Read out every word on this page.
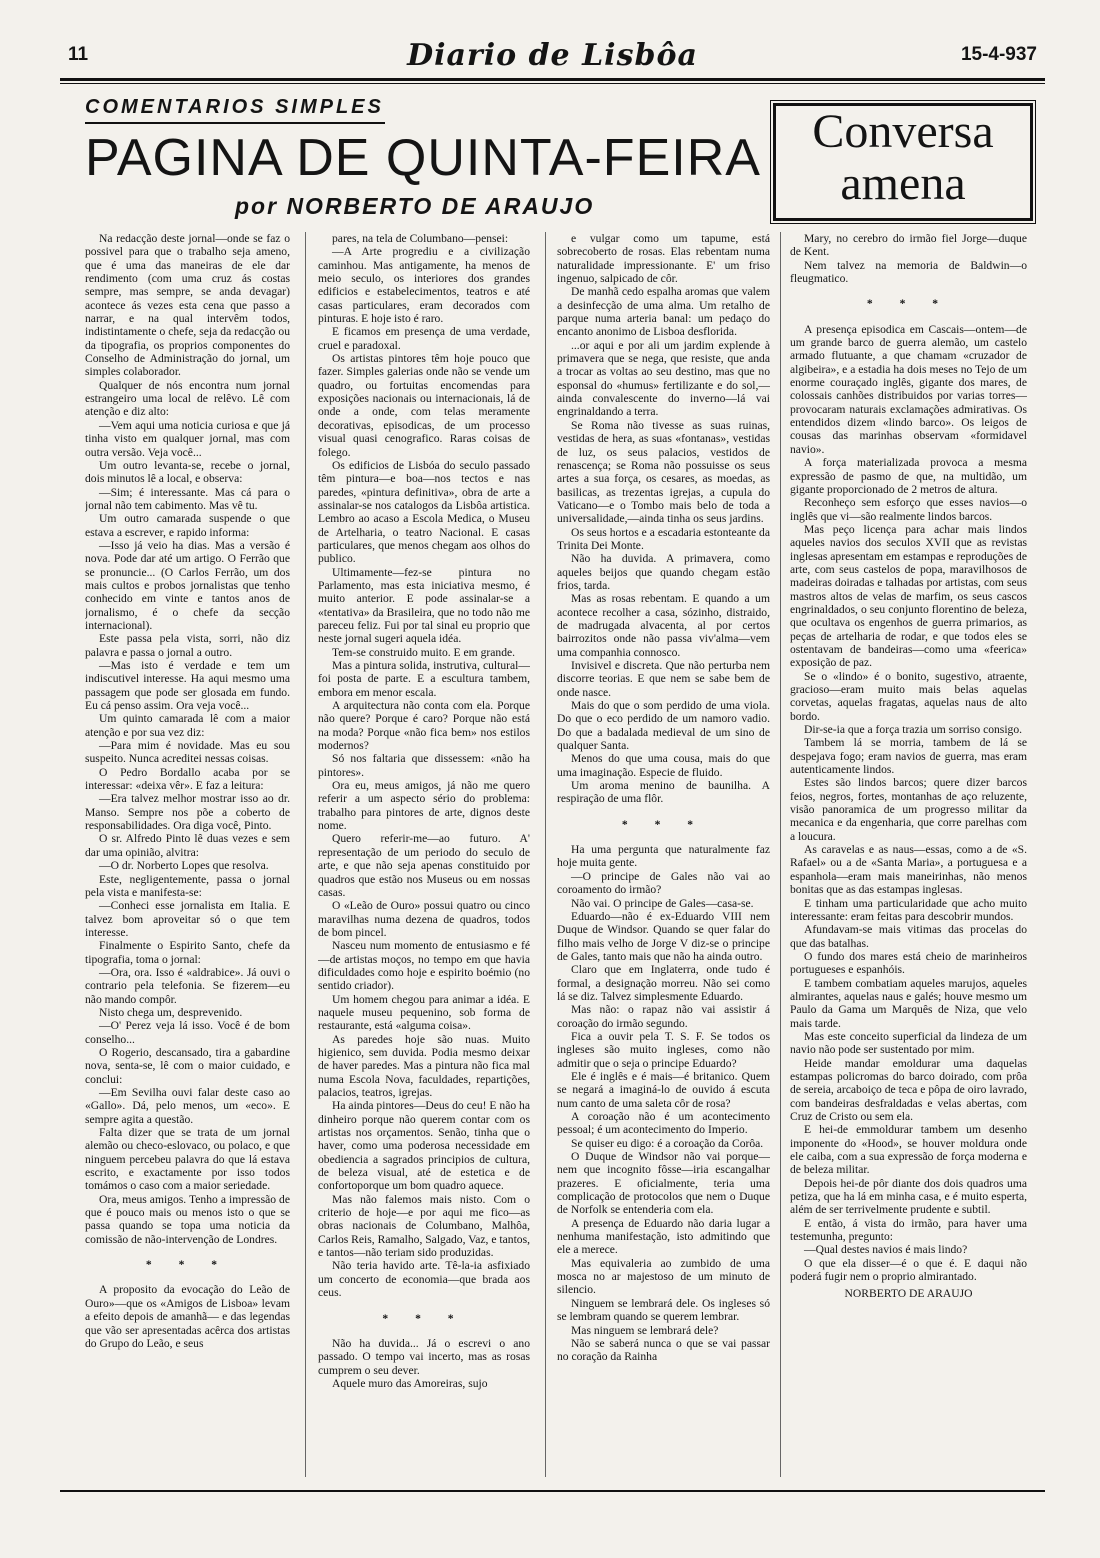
11	Diario de Lisbôa	15-4-937
COMENTARIOS SIMPLES
PAGINA DE QUINTA-FEIRA
por NORBERTO DE ARAUJO
Conversa
amena

Na redacção deste jornal—onde se faz o possivel para que o trabalho seja ameno, que é uma das maneiras de ele dar rendimento (com uma cruz ás costas sempre, mas sempre, se anda devagar) acontece ás vezes esta cena que passo a narrar, e na qual intervêm todos, indistintamente o chefe, seja da redacção ou da tipografia, os proprios componentes do Conselho de Administração do jornal, um simples colaborador.

Qualquer de nós encontra num jornal estrangeiro uma local de relêvo. Lê com atenção e diz alto:

—Vem aqui uma noticia curiosa e que já tinha visto em qualquer jornal, mas com outra versão. Veja você...

Um outro levanta-se, recebe o jornal, dois minutos lê a local, e observa:

—Sim; é interessante. Mas cá para o jornal não tem cabimento. Mas vê tu.

Um outro camarada suspende o que estava a escrever, e rapido informa:

—Isso já veio ha dias. Mas a versão é nova. Pode dar até um artigo. O Ferrão que se pronuncie... (O Carlos Ferrão, um dos mais cultos e probos jornalistas que tenho conhecido em vinte e tantos anos de jornalismo, é o chefe da secção internacional).

Este passa pela vista, sorri, não diz palavra e passa o jornal a outro.

—Mas isto é verdade e tem um indiscutivel interesse. Ha aqui mesmo uma passagem que pode ser glosada em fundo. Eu cá penso assim. Ora veja você...

Um quinto camarada lê com a maior atenção e por sua vez diz:

—Para mim é novidade. Mas eu sou suspeito. Nunca acreditei nessas coisas.

O Pedro Bordallo acaba por se interessar: «deixa vêr». E faz a leitura:

—Era talvez melhor mostrar isso ao dr. Manso. Sempre nos põe a coberto de responsabilidades. Ora diga você, Pinto.

O sr. Alfredo Pinto lê duas vezes e sem dar uma opinião, alvitra:

—O dr. Norberto Lopes que resolva.

Este, negligentemente, passa o jornal pela vista e manifesta-se:

—Conheci esse jornalista em Italia. E talvez bom aproveitar só o que tem interesse.

Finalmente o Espirito Santo, chefe da tipografia, toma o jornal:

—Ora, ora. Isso é «aldrabice». Já ouvi o contrario pela telefonia. Se fizerem—eu não mando compôr.

Nisto chega um, desprevenido.

—O' Perez veja lá isso. Você é de bom conselho...

O Rogerio, descansado, tira a gabardine nova, senta-se, lê com o maior cuidado, e conclui:

—Em Sevilha ouvi falar deste caso ao «Gallo». Dá, pelo menos, um «eco». E sempre agita a questão.

Falta dizer que se trata de um jornal alemão ou checo-eslovaco, ou polaco, e que ninguem percebeu palavra do que lá estava escrito, e exactamente por isso todos tomámos o caso com a maior seriedade.

Ora, meus amigos. Tenho a impressão de que é pouco mais ou menos isto o que se passa quando se topa uma noticia da comissão de não-intervenção de Londres.

* * *

A proposito da evocação do Leão de Ouro»—que os «Amigos de Lisboa» levam a efeito depois de amanhã— e das legendas que vão ser apresentadas acêrca dos artistas do Grupo do Leão, e seus

pares, na tela de Columbano—pensei:

—A Arte progrediu e a civilização caminhou. Mas antigamente, ha menos de meio seculo, os interiores dos grandes edificios e estabelecimentos, teatros e até casas particulares, eram decorados com pinturas. E hoje isto é raro.

E ficamos em presença de uma verdade, cruel e paradoxal.

Os artistas pintores têm hoje pouco que fazer. Simples galerias onde não se vende um quadro, ou fortuitas encomendas para exposições nacionais ou internacionais, lá de onde a onde, com telas meramente decorativas, episodicas, de um processo visual quasi cenografico. Raras coisas de folego.

Os edificios de Lisbóa do seculo passado têm pintura—e boa—nos tectos e nas paredes, «pintura definitiva», obra de arte a assinalar-se nos catalogos da Lisbôa artistica. Lembro ao acaso a Escola Medica, o Museu de Artelharia, o teatro Nacional. E casas particulares, que menos chegam aos olhos do publico.

Ultimamente—fez-se pintura no Parlamento, mas esta iniciativa mesmo, é muito anterior. E pode assinalar-se a «tentativa» da Brasileira, que no todo não me pareceu feliz. Fui por tal sinal eu proprio que neste jornal sugeri aquela idéa.

Tem-se construido muito. E em grande.

Mas a pintura solida, instrutiva, cultural—foi posta de parte. E a escultura tambem, embora em menor escala.

A arquitectura não conta com ela. Porque não quere? Porque é caro? Porque não está na moda? Porque «não fica bem» nos estilos modernos?

Só nos faltaria que dissessem: «não ha pintores».

Ora eu, meus amigos, já não me quero referir a um aspecto sério do problema: trabalho para pintores de arte, dignos deste nome.

Quero referir-me—ao futuro. A' representação de um periodo do seculo de arte, e que não seja apenas constituido por quadros que estão nos Museus ou em nossas casas.

O «Leão de Ouro» possui quatro ou cinco maravilhas numa dezena de quadros, todos de bom pincel.

Nasceu num momento de entusiasmo e fé—de artistas moços, no tempo em que havia dificuldades como hoje e espirito boémio (no sentido criador).

Um homem chegou para animar a idéa. E naquele museu pequenino, sob forma de restaurante, está «alguma coisa».

As paredes hoje são nuas. Muito higienico, sem duvida. Podia mesmo deixar de haver paredes. Mas a pintura não fica mal numa Escola Nova, faculdades, repartições, palacios, teatros, igrejas.

Ha ainda pintores—Deus do ceu! E não ha dinheiro porque não querem contar com os artistas nos orçamentos. Senão, tinha que o haver, como uma poderosa necessidade em obediencia a sagrados principios de cultura, de beleza visual, até de estetica e de confortoporque um bom quadro aquece.

Mas não falemos mais nisto. Com o criterio de hoje—e por aqui me fico—as obras nacionais de Columbano, Malhôa, Carlos Reis, Ramalho, Salgado, Vaz, e tantos, e tantos—não teriam sido produzidas.

Não teria havido arte. Tê-la-ia asfixiado um concerto de economia—que brada aos ceus.

* * *

Não ha duvida... Já o escrevi o ano passado. O tempo vai incerto, mas as rosas cumprem o seu dever.

Aquele muro das Amoreiras, sujo

e vulgar como um tapume, está sobrecoberto de rosas. Elas rebentam numa naturalidade impressionante. E' um friso ingenuo, salpicado de côr.

De manhã cedo espalha aromas que valem a desinfecção de uma alma. Um retalho de parque numa arteria banal: um pedaço do encanto anonimo de Lisboa desflorida.

...or aqui e por ali um jardim explende à primavera que se nega, que resiste, que anda a trocar as voltas ao seu destino, mas que no esponsal do «humus» fertilizante e do sol,—ainda convalescente do inverno—lá vai engrinaldando a terra.

Se Roma não tivesse as suas ruinas, vestidas de hera, as suas «fontanas», vestidas de luz, os seus palacios, vestidos de renascença; se Roma não possuisse os seus artes a sua força, os cesares, as moedas, as basilicas, as trezentas igrejas, a cupula do Vaticano—e o Tombo mais belo de toda a universalidade,—ainda tinha os seus jardins.

Os seus hortos e a escadaria estonteante da Trinita Dei Monte.

Não ha duvida. A primavera, como aqueles beijos que quando chegam estão frios, tarda.

Mas as rosas rebentam. E quando a um acontece recolher a casa, sózinho, distraido, de madrugada alvacenta, al por certos bairrozitos onde não passa viv'alma—vem uma companhia connosco.

Invisivel e discreta. Que não perturba nem discorre teorias. E que nem se sabe bem de onde nasce.

Mais do que o som perdido de uma viola. Do que o eco perdido de um namoro vadio. Do que a badalada medieval de um sino de qualquer Santa.

Menos do que uma cousa, mais do que uma imaginação. Especie de fluido.

Um aroma menino de baunilha. A respiração de uma flôr.

* * *

Ha uma pergunta que naturalmente faz hoje muita gente.

—O principe de Gales não vai ao coroamento do irmão?

Não vai. O principe de Gales—casa-se.

Eduardo—não é ex-Eduardo VIII nem Duque de Windsor. Quando se quer falar do filho mais velho de Jorge V diz-se o principe de Gales, tanto mais que não ha ainda outro.

Claro que em Inglaterra, onde tudo é formal, a designação morreu. Não sei como lá se diz. Talvez simplesmente Eduardo.

Mas não: o rapaz não vai assistir á coroação do irmão segundo.

Fica a ouvir pela T. S. F. Se todos os ingleses são muito ingleses, como não admitir que o seja o principe Eduardo?

Ele é inglês e é mais—é britanico. Quem se negará a imaginá-lo de ouvido á escuta num canto de uma saleta côr de rosa?

A coroação não é um acontecimento pessoal; é um acontecimento do Imperio.

Se quiser eu digo: é a coroação da Corôa.

O Duque de Windsor não vai porque—nem que incognito fôsse—iria escangalhar prazeres. E oficialmente, teria uma complicação de protocolos que nem o Duque de Norfolk se entenderia com ela.

A presença de Eduardo não daria lugar a nenhuma manifestação, isto admitindo que ele a merece.

Mas equivaleria ao zumbido de uma mosca no ar majestoso de um minuto de silencio.

Ninguem se lembrará dele. Os ingleses só se lembram quando se querem lembrar.

Mas ninguem se lembrará dele?

Não se saberá nunca o que se vai passar no coração da Rainha

Mary, no cerebro do irmão fiel Jorge—duque de Kent.

Nem talvez na memoria de Baldwin—o fleugmatico.

* * *

A presença episodica em Cascais—ontem—de um grande barco de guerra alemão, um castelo armado flutuante, a que chamam «cruzador de algibeira», e a estadia ha dois meses no Tejo de um enorme couraçado inglês, gigante dos mares, de colossais canhões distribuidos por varias torres—provocaram naturais exclamações admirativas. Os entendidos dizem «lindo barco». Os leigos de cousas das marinhas observam «formidavel navio».

A força materializada provoca a mesma expressão de pasmo de que, na multidão, um gigante proporcionado de 2 metros de altura.

Reconheço sem esforço que esses navios—o inglês que vi—são realmente lindos barcos.

Mas peço licença para achar mais lindos aqueles navios dos seculos XVII que as revistas inglesas apresentam em estampas e reproduções de arte, com seus castelos de popa, maravilhosos de madeiras doiradas e talhadas por artistas, com seus mastros altos de velas de marfim, os seus cascos engrinaldados, o seu conjunto florentino de beleza, que ocultava os engenhos de guerra primarios, as peças de artelharia de rodar, e que todos eles se ostentavam de bandeiras—como uma «feerica» exposição de paz.

Se o «lindo» é o bonito, sugestivo, atraente, gracioso—eram muito mais belas aquelas corvetas, aquelas fragatas, aquelas naus de alto bordo.

Dir-se-ia que a força trazia um sorriso consigo.

Tambem lá se morria, tambem de lá se despejava fogo; eram navios de guerra, mas eram autenticamente lindos.

Estes são lindos barcos; quere dizer barcos feios, negros, fortes, montanhas de aço reluzente, visão panoramica de um progresso militar da mecanica e da engenharia, que corre parelhas com a loucura.

As caravelas e as naus—essas, como a de «S. Rafael» ou a de «Santa Maria», a portuguesa e a espanhola—eram mais maneirinhas, não menos bonitas que as das estampas inglesas.

E tinham uma particularidade que acho muito interessante: eram feitas para descobrir mundos.

Afundavam-se mais vitimas das procelas do que das batalhas.

O fundo dos mares está cheio de marinheiros portugueses e espanhóis.

E tambem combatiam aqueles marujos, aqueles almirantes, aquelas naus e galés; houve mesmo um Paulo da Gama um Marquês de Niza, que velo mais tarde.

Mas este conceito superficial da lindeza de um navio não pode ser sustentado por mim.

Heide mandar emoldurar uma daquelas estampas policromas do barco doirado, com prôa de sereia, arcaboiço de teca e pôpa de oiro lavrado, com bandeiras desfraldadas e velas abertas, com Cruz de Cristo ou sem ela.

E hei-de emmoldurar tambem um desenho imponente do «Hood», se houver moldura onde ele caiba, com a sua expressão de força moderna e de beleza militar.

Depois hei-de pôr diante dos dois quadros uma petiza, que ha lá em minha casa, e é muito esperta, além de ser terrivelmente prudente e subtil.

E então, á vista do irmão, para haver uma testemunha, pregunto:

—Qual destes navios é mais lindo?

O que ela disser—é o que é. E daqui não poderá fugir nem o proprio almirantado.

NORBERTO DE ARAUJO
